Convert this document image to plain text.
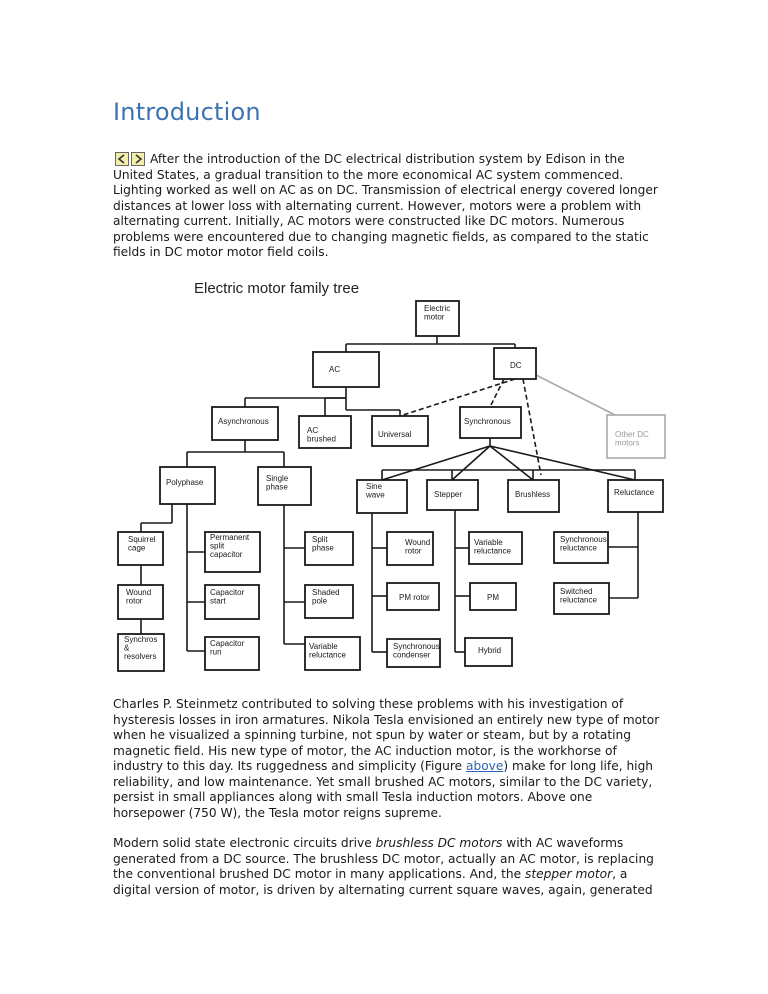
Introduction

After the introduction of the DC electrical distribution system by Edison in the United States, a gradual transition to the more economical AC system commenced. Lighting worked as well on AC as on DC. Transmission of electrical energy covered longer distances at lower loss with alternating current. However, motors were a problem with alternating current. Initially, AC motors were constructed like DC motors. Numerous problems were encountered due to changing magnetic fields, as compared to the static fields in DC motor motor field coils.

Electric motor
AC	DC
Asynchronous
AC brushed	Universal
Synchronous
Other DC motors
Polyphase	Single phase	Sine wave	Stepper	Brushless	Reluctance
Squirrel cage
Wound rotor
Synchros & resolvers
Permanent split capacitor
Capacitor start
Capacitor run
Split phase
Shaded pole
Variable reluctance
Wound rotor
PM rotor
Synchronous condenser
Variable reluctance
PM
Hybrid
Synchronous reluctance
Switched reluctance
Electric motor family tree

Charles P. Steinmetz contributed to solving these problems with his investigation of hysteresis losses in iron armatures. Nikola Tesla envisioned an entirely new type of motor when he visualized a spinning turbine, not spun by water or steam, but by a rotating magnetic field. His new type of motor, the AC induction motor, is the workhorse of industry to this day. Its ruggedness and simplicity (Figure above) make for long life, high reliability, and low maintenance. Yet small brushed AC motors, similar to the DC variety, persist in small appliances along with small Tesla induction motors. Above one horsepower (750 W), the Tesla motor reigns supreme.

Modern solid state electronic circuits drive brushless DC motors with AC waveforms generated from a DC source. The brushless DC motor, actually an AC motor, is replacing the conventional brushed DC motor in many applications. And, the stepper motor, a digital version of motor, is driven by alternating current square waves, again, generated
